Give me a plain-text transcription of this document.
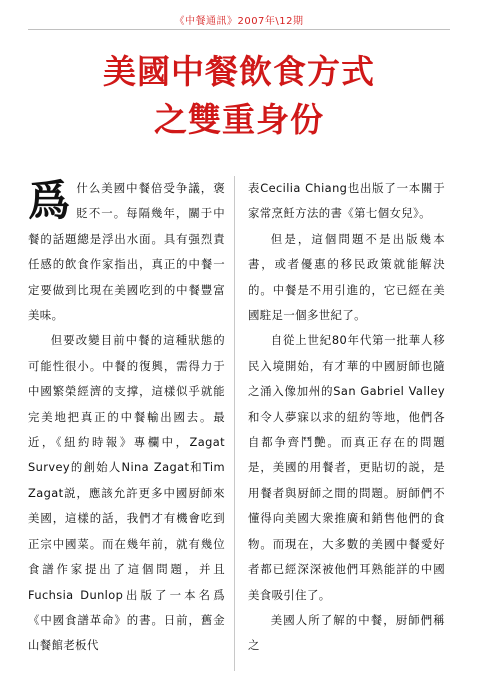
《中餐通訊》2007年\12期
美國中餐飲食方式
之雙重身份

爲什么美國中餐倍受争議，褒貶不一。每隔幾年，關于中餐的話題總是浮出水面。具有强烈責任感的飲食作家指出，真正的中餐一定要做到比現在美國吃到的中餐豐富美味。

但要改變目前中餐的這種狀態的可能性很小。中餐的復興，需得力于中國繁榮經濟的支撑，這樣似乎就能完美地把真正的中餐輸出國去。最近，《紐約時報》專欄中，Zagat Survey的創始人Nina Zagat和Tim Zagat説，應該允許更多中國厨師來美國，這樣的話，我們才有機會吃到正宗中國菜。而在幾年前，就有幾位食譜作家提出了這個問題，并且Fuchsia Dunlop出版了一本名爲《中國食譜革命》的書。日前，舊金山餐館老板代

表Cecilia Chiang也出版了一本關于家常烹飪方法的書《第七個女兒》。

但是，這個問題不是出版幾本書，或者優惠的移民政策就能解決的。中餐是不用引進的，它已經在美國駐足一個多世紀了。

自從上世紀80年代第一批華人移民入境開始，有才華的中國厨師也隨之涌入像加州的San Gabriel Valley和令人夢寐以求的紐約等地，他們各自都争齊鬥艷。而真正存在的問題是，美國的用餐者，更貼切的説，是用餐者與厨師之間的問題。厨師們不懂得向美國大衆推廣和銷售他們的食物。而現在，大多數的美國中餐愛好者都已經深深被他們耳熟能詳的中國美食吸引住了。

美國人所了解的中餐，厨師們稱之
